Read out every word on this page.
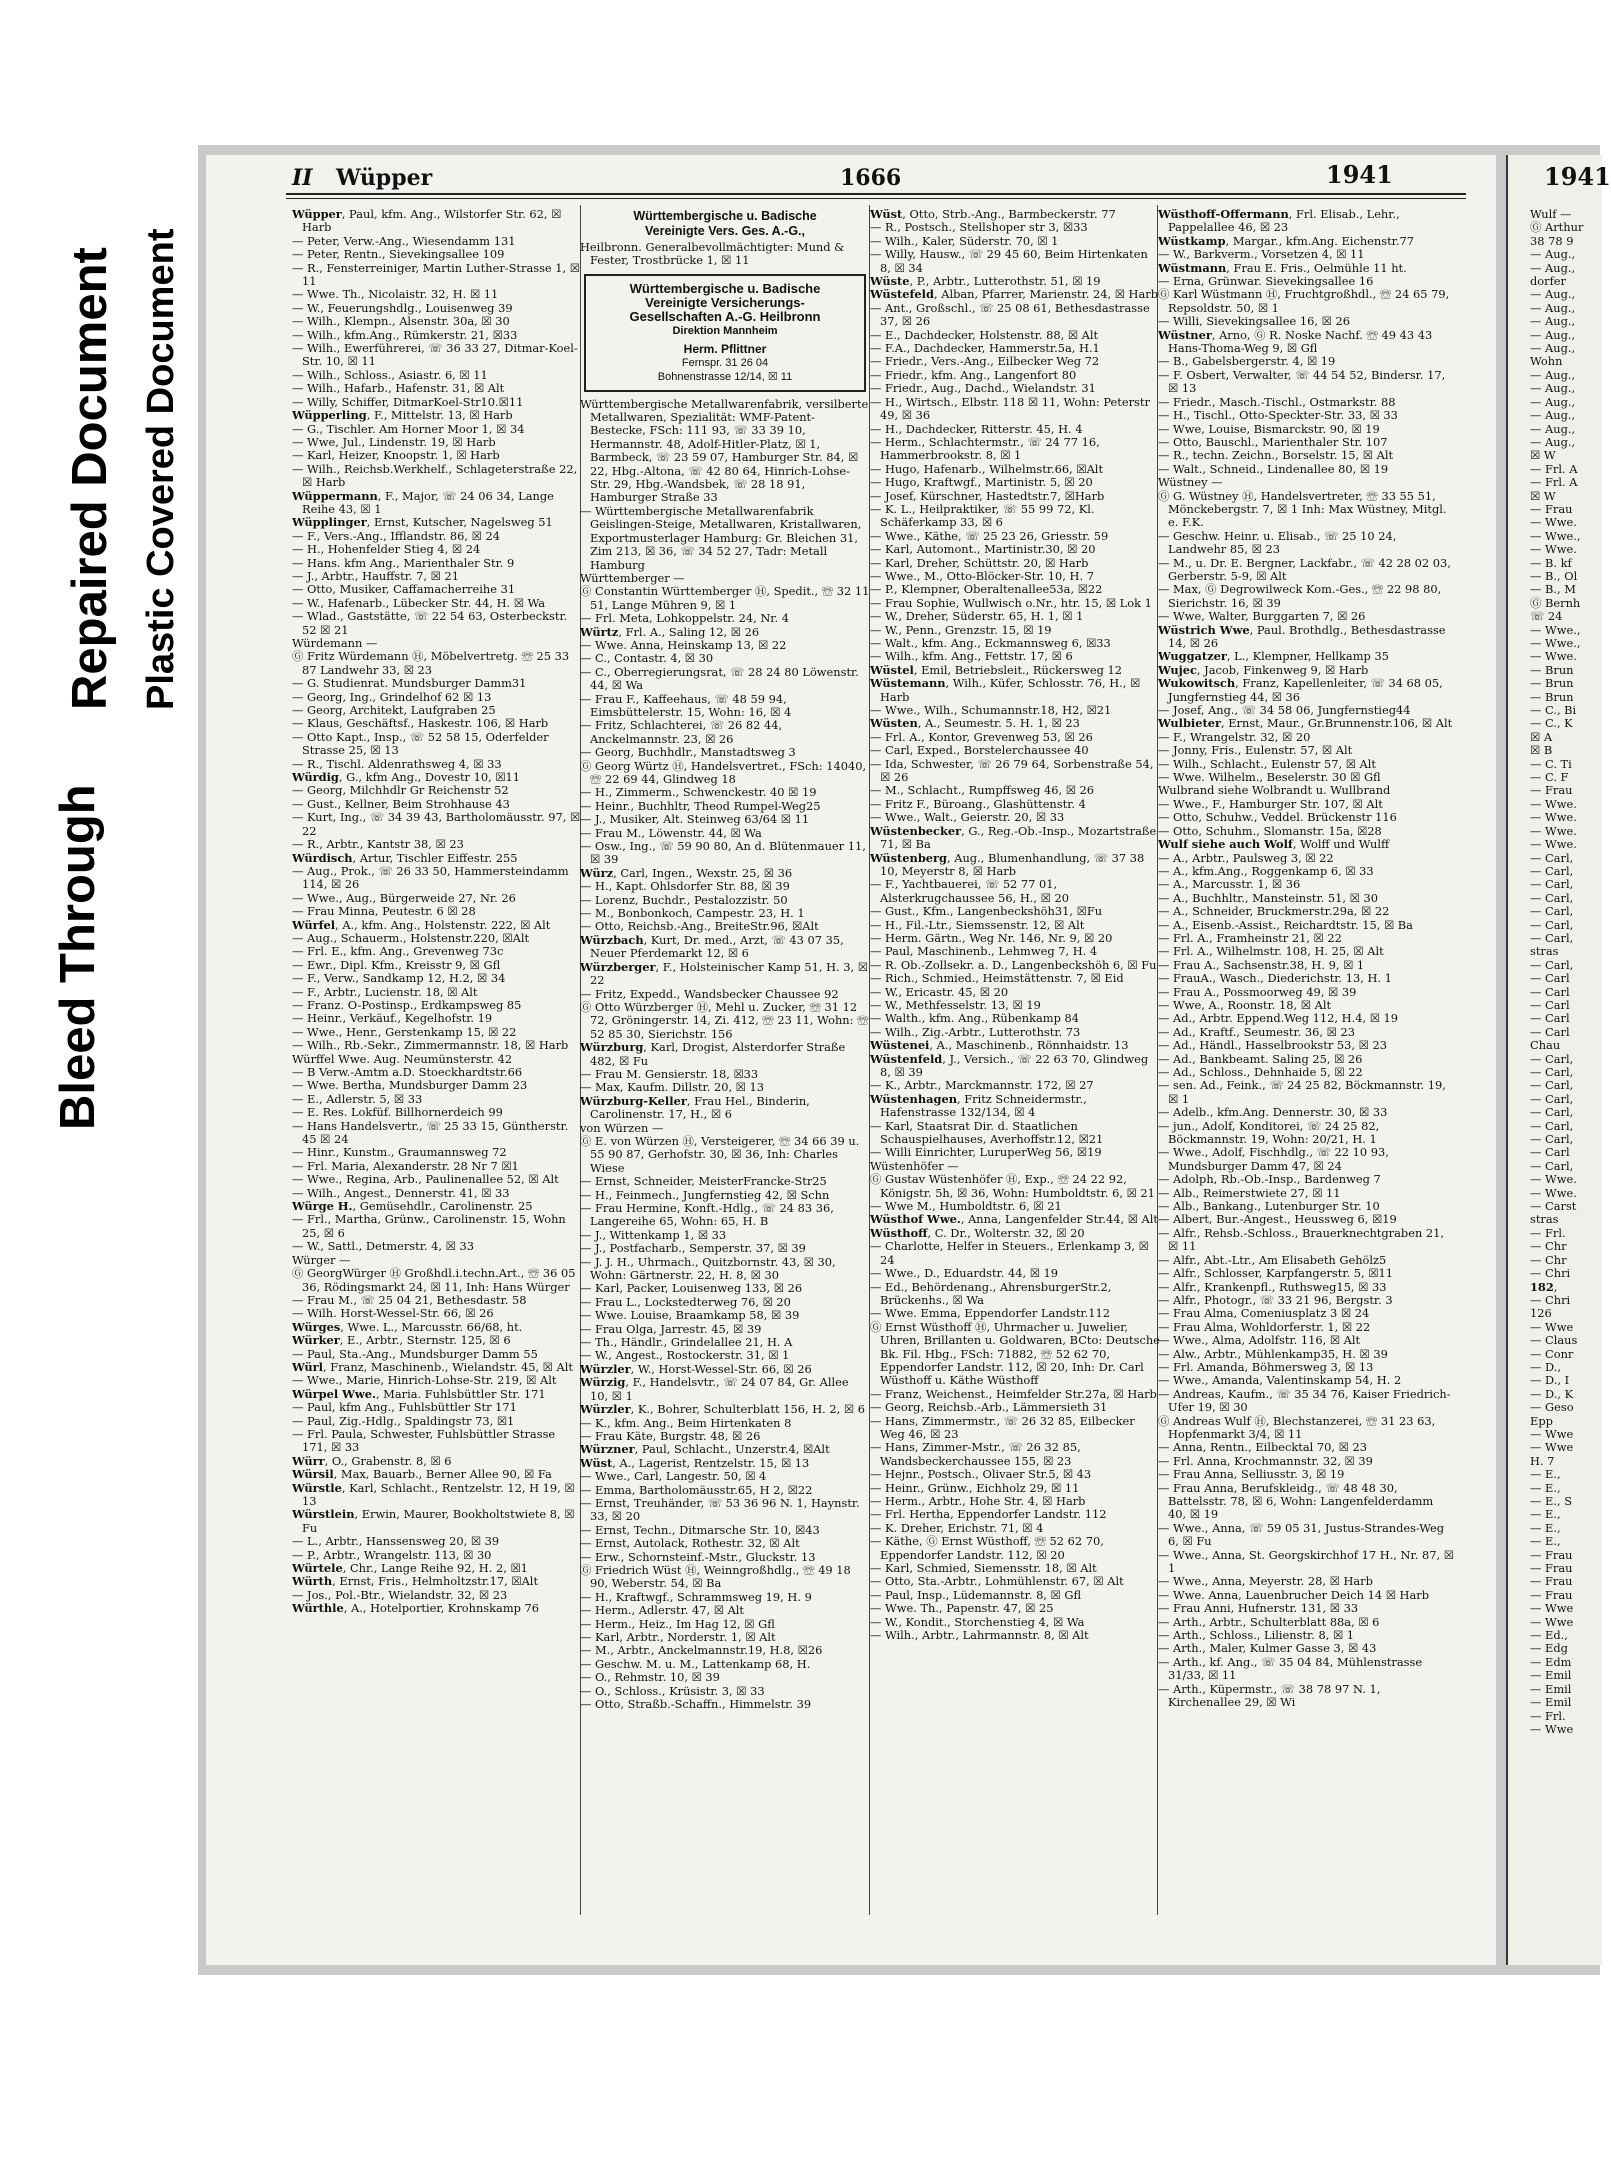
Bleed Through
Repaired Document Plastic Covered Document
II Wüpper	1666	1941	1941

Wüpper, Paul, kfm. Ang., Wilstorfer Str. 62, ☒ Harb

— Peter, Verw.-Ang., Wiesendamm 131

— Peter, Rentn., Sievekingsallee 109

— R., Fensterreiniger, Martin Luther-Strasse 1, ☒ 11

— Wwe. Th., Nicolaistr. 32, H. ☒ 11

— W., Feuerungshdlg., Louisenweg 39

— Wilh., Klempn., Alsenstr. 30a, ☒ 30

— Wilh., kfm.Ang., Rümkerstr. 21, ☒33

— Wilh., Ewerführerei, ☏ 36 33 27, Ditmar-Koel-Str. 10, ☒ 11

— Wilh., Schloss., Asiastr. 6, ☒ 11

— Wilh., Hafarb., Hafenstr. 31, ☒ Alt

— Willy, Schiffer, DitmarKoel-Str10.☒11

Wüpperling, F., Mittelstr. 13, ☒ Harb

— G., Tischler. Am Horner Moor 1, ☒ 34

— Wwe, Jul., Lindenstr. 19, ☒ Harb

— Karl, Heizer, Knoopstr. 1, ☒ Harb

— Wilh., Reichsb.Werkhelf., Schlageterstraße 22, ☒ Harb

Wüppermann, F., Major, ☏ 24 06 34, Lange Reihe 43, ☒ 1

Wüpplinger, Ernst, Kutscher, Nagelsweg 51

— F., Vers.-Ang., Ifflandstr. 86, ☒ 24

— H., Hohenfelder Stieg 4, ☒ 24

— Hans. kfm Ang., Marienthaler Str. 9

— J., Arbtr., Hauffstr. 7, ☒ 21

— Otto, Musiker, Caffamacherreihe 31

— W., Hafenarb., Lübecker Str. 44, H. ☒ Wa

— Wlad., Gaststätte, ☏ 22 54 63, Osterbeckstr. 52 ☒ 21

Würdemann —

Ⓖ Fritz Würdemann Ⓗ, Möbelvertretg. ☏ 25 33 87 Landwehr 33, ☒ 23

— G. Studienrat. Mundsburger Damm31

— Georg, Ing., Grindelhof 62 ☒ 13

— Georg, Architekt, Laufgraben 25

— Klaus, Geschäftsf., Haskestr. 106, ☒ Harb

— Otto Kapt., Insp., ☏ 52 58 15, Oderfelder Strasse 25, ☒ 13

— R., Tischl. Aldenrathsweg 4, ☒ 33

Würdig, G., kfm Ang., Dovestr 10, ☒11

— Georg, Milchhdlr Gr Reichenstr 52

— Gust., Kellner, Beim Strohhause 43

— Kurt, Ing., ☏ 34 39 43, Bartholomäusstr. 97, ☒ 22

— R., Arbtr., Kantstr 38, ☒ 23

Würdisch, Artur, Tischler Eiffestr. 255

— Aug., Prok., ☏ 26 33 50, Hammersteindamm 114, ☒ 26

— Wwe., Aug., Bürgerweide 27, Nr. 26

— Frau Minna, Peutestr. 6 ☒ 28

Würfel, A., kfm. Ang., Holstenstr. 222, ☒ Alt

— Aug., Schauerm., Holstenstr.220, ☒Alt

— Frl. E., kfm. Ang., Grevenweg 73c

— Ewr., Dipl. Kfm., Kreisstr 9, ☒ Gfl

— F., Verw., Sandkamp 12, H.2, ☒ 34

— F., Arbtr., Lucienstr. 18, ☒ Alt

— Franz. O-Postinsp., Erdkampsweg 85

— Heinr., Verkäuf., Kegelhofstr. 19

— Wwe., Henr., Gerstenkamp 15, ☒ 22

— Wilh., Rb.-Sekr., Zimmermannstr. 18, ☒ Harb

Würffel Wwe. Aug. Neumünsterstr. 42

— B Verw.-Amtm a.D. Stoeckhardtstr.66

— Wwe. Bertha, Mundsburger Damm 23

— E., Adlerstr. 5, ☒ 33

— E. Res. Lokfüf. Billhornerdeich 99

— Hans Handelsvertr., ☏ 25 33 15, Güntherstr. 45 ☒ 24

— Hinr., Kunstm., Graumannsweg 72

— Frl. Maria, Alexanderstr. 28 Nr 7 ☒1

— Wwe., Regina, Arb., Paulinenallee 52, ☒ Alt

— Wilh., Angest., Dennerstr. 41, ☒ 33

Würge H., Gemüsehdlr., Carolinenstr. 25

— Frl., Martha, Grünw., Carolinenstr. 15, Wohn 25, ☒ 6

— W., Sattl., Detmerstr. 4, ☒ 33

Würger —

Ⓖ GeorgWürger Ⓗ Großhdl.i.techn.Art., ☏ 36 05 36, Rödingsmarkt 24, ☒ 11, Inh: Hans Würger

— Frau M., ☏ 25 04 21, Bethesdastr. 58

— Wilh. Horst-Wessel-Str. 66, ☒ 26

Würges, Wwe. L., Marcusstr. 66/68, ht.

Würker, E., Arbtr., Sternstr. 125, ☒ 6

— Paul, Sta.-Ang., Mundsburger Damm 55

Würl, Franz, Maschinenb., Wielandstr. 45, ☒ Alt

— Wwe., Marie, Hinrich-Lohse-Str. 219, ☒ Alt

Würpel Wwe., Maria. Fuhlsbüttler Str. 171

— Paul, kfm Ang., Fuhlsbüttler Str 171

— Paul, Zig.-Hdlg., Spaldingstr 73, ☒1

— Frl. Paula, Schwester, Fuhlsbüttler Strasse 171, ☒ 33

Würr, O., Grabenstr. 8, ☒ 6

Würsil, Max, Bauarb., Berner Allee 90, ☒ Fa

Würstle, Karl, Schlacht., Rentzelstr. 12, H 19, ☒ 13

Würstlein, Erwin, Maurer, Bookholtstwiete 8, ☒ Fu

— L., Arbtr., Hanssensweg 20, ☒ 39

— P., Arbtr., Wrangelstr. 113, ☒ 30

Würtele, Chr., Lange Reihe 92, H. 2, ☒1

Würth, Ernst, Fris., Helmholtzstr.17, ☒Alt

— Jos., Pol.-Btr., Wielandstr. 32, ☒ 23

Würthle, A., Hotelportier, Krohnskamp 76

Württembergische u. Badische
Vereinigte Vers. Ges. A.-G.,

Heilbronn. Generalbevollmächtigter: Mund & Fester, Trostbrücke 1, ☒ 11

Württembergische u. Badische
Vereinigte Versicherungs-
Gesellschaften A.-G. Heilbronn
Direktion Mannheim
Herm. Pflittner
Fernspr. 31 26 04
Bohnenstrasse 12/14, ☒ 11

Württembergische Metallwarenfabrik, versilberte Metallwaren, Spezialität: WMF-Patent-Bestecke, FSch: 111 93, ☏ 33 39 10, Hermannstr. 48, Adolf-Hitler-Platz, ☒ 1, Barmbeck, ☏ 23 59 07, Hamburger Str. 84, ☒ 22, Hbg.-Altona, ☏ 42 80 64, Hinrich-Lohse-Str. 29, Hbg.-Wandsbek, ☏ 28 18 91, Hamburger Straße 33

— Württembergische Metallwarenfabrik Geislingen-Steige, Metallwaren, Kristallwaren, Exportmusterlager Hamburg: Gr. Bleichen 31, Zim 213, ☒ 36, ☏ 34 52 27, Tadr: Metall Hamburg

Württemberger —

Ⓖ Constantin Württemberger Ⓗ, Spedit., ☏ 32 11 51, Lange Mühren 9, ☒ 1

— Frl. Meta, Lohkoppelstr. 24, Nr. 4

Würtz, Frl. A., Saling 12, ☒ 26

— Wwe. Anna, Heinskamp 13, ☒ 22

— C., Contastr. 4, ☒ 30

— C., Oberregierungsrat, ☏ 28 24 80 Löwenstr. 44, ☒ Wa

— Frau F., Kaffeehaus, ☏ 48 59 94, Eimsbüttelerstr. 15, Wohn: 16, ☒ 4

— Fritz, Schlachterei, ☏ 26 82 44, Anckelmannstr. 23, ☒ 26

— Georg, Buchhdlr., Manstadtsweg 3

Ⓖ Georg Würtz Ⓗ, Handelsvertret., FSch: 14040, ☏ 22 69 44, Glindweg 18

— H., Zimmerm., Schwenckestr. 40 ☒ 19

— Heinr., Buchhltr, Theod Rumpel-Weg25

— J., Musiker, Alt. Steinweg 63/64 ☒ 11

— Frau M., Löwenstr. 44, ☒ Wa

— Osw., Ing., ☏ 59 90 80, An d. Blütenmauer 11, ☒ 39

Würz, Carl, Ingen., Wexstr. 25, ☒ 36

— H., Kapt. Ohlsdorfer Str. 88, ☒ 39

— Lorenz, Buchdr., Pestalozzistr. 50

— M., Bonbonkoch, Campestr. 23, H. 1

— Otto, Reichsb.-Ang., BreiteStr.96, ☒Alt

Würzbach, Kurt, Dr. med., Arzt, ☏ 43 07 35, Neuer Pferdemarkt 12, ☒ 6

Würzberger, F., Holsteinischer Kamp 51, H. 3, ☒ 22

— Fritz, Expedd., Wandsbecker Chaussee 92

Ⓖ Otto Würzberger Ⓗ, Mehl u. Zucker, ☏ 31 12 72, Gröningerstr. 14, Zi. 412, ☏ 23 11, Wohn: ☏ 52 85 30, Sierichstr. 156

Würzburg, Karl, Drogist, Alsterdorfer Straße 482, ☒ Fu

— Frau M. Gensierstr. 18, ☒33

— Max, Kaufm. Dillstr. 20, ☒ 13

Würzburg-Keller, Frau Hel., Binderin, Carolinenstr. 17, H., ☒ 6

von Würzen —

Ⓖ E. von Würzen Ⓗ, Versteigerer, ☏ 34 66 39 u. 55 90 87, Gerhofstr. 30, ☒ 36, Inh: Charles Wiese

— Ernst, Schneider, MeisterFrancke-Str25

— H., Feinmech., Jungfernstieg 42, ☒ Schn

— Frau Hermine, Konft.-Hdlg., ☏ 24 83 36, Langereihe 65, Wohn: 65, H. B

— J., Wittenkamp 1, ☒ 33

— J., Postfacharb., Semperstr. 37, ☒ 39

— J. J. H., Uhrmach., Quitzbornstr. 43, ☒ 30, Wohn: Gärtnerstr. 22, H. 8, ☒ 30

— Karl, Packer, Louisenweg 133, ☒ 26

— Frau L., Lockstedterweg 76, ☒ 20

— Wwe. Louise, Braamkamp 58, ☒ 39

— Frau Olga, Jarrestr. 45, ☒ 39

— Th., Händlr., Grindelallee 21, H. A

— W., Angest., Rostockerstr. 31, ☒ 1

Würzler, W., Horst-Wessel-Str. 66, ☒ 26

Würzig, F., Handelsvtr., ☏ 24 07 84, Gr. Allee 10, ☒ 1

Würzler, K., Bohrer, Schulterblatt 156, H. 2, ☒ 6

— K., kfm. Ang., Beim Hirtenkaten 8

— Frau Käte, Burgstr. 48, ☒ 26

Würzner, Paul, Schlacht., Unzerstr.4, ☒Alt

Wüst, A., Lagerist, Rentzelstr. 15, ☒ 13

— Wwe., Carl, Langestr. 50, ☒ 4

— Emma, Bartholomäusstr.65, H 2, ☒22

— Ernst, Treuhänder, ☏ 53 36 96 N. 1, Haynstr. 33, ☒ 20

— Ernst, Techn., Ditmarsche Str. 10, ☒43

— Ernst, Autolack, Rothestr. 32, ☒ Alt

— Erw., Schornsteinf.-Mstr., Gluckstr. 13

Ⓖ Friedrich Wüst Ⓗ, Weinngroßhdlg., ☏ 49 18 90, Weberstr. 54, ☒ Ba

— H., Kraftwgf., Schrammsweg 19, H. 9

— Herm., Adlerstr. 47, ☒ Alt

— Herm., Heiz., Im Hag 12, ☒ Gfl

— Karl, Arbtr., Norderstr. 1, ☒ Alt

— M., Arbtr., Anckelmannstr.19, H.8, ☒26

— Geschw. M. u. M., Lattenkamp 68, H.

— O., Rehmstr. 10, ☒ 39

— O., Schloss., Krüsistr. 3, ☒ 33

— Otto, Straßb.-Schaffn., Himmelstr. 39

Wüst, Otto, Strb.-Ang., Barmbeckerstr. 77

— R., Postsch., Stellshoper str 3, ☒33

— Wilh., Kaler, Süderstr. 70, ☒ 1

— Willy, Hausw., ☏ 29 45 60, Beim Hirtenkaten 8, ☒ 34

Wüste, P., Arbtr., Lutterothstr. 51, ☒ 19

Wüstefeld, Alban, Pfarrer, Marienstr. 24, ☒ Harb

— Ant., Großschl., ☏ 25 08 61, Bethesdastrasse 37, ☒ 26

— E., Dachdecker, Holstenstr. 88, ☒ Alt

— F.A., Dachdecker, Hammerstr.5a, H.1

— Friedr., Vers.-Ang., Eilbecker Weg 72

— Friedr., kfm. Ang., Langenfort 80

— Friedr., Aug., Dachd., Wielandstr. 31

— H., Wirtsch., Elbstr. 118 ☒ 11, Wohn: Peterstr 49, ☒ 36

— H., Dachdecker, Ritterstr. 45, H. 4

— Herm., Schlachtermstr., ☏ 24 77 16, Hammerbrookstr. 8, ☒ 1

— Hugo, Hafenarb., Wilhelmstr.66, ☒Alt

— Hugo, Kraftwgf., Martinistr. 5, ☒ 20

— Josef, Kürschner, Hastedtstr.7, ☒Harb

— K. L., Heilpraktiker, ☏ 55 99 72, Kl. Schäferkamp 33, ☒ 6

— Wwe., Käthe, ☏ 25 23 26, Griesstr. 59

— Karl, Automont., Martinistr.30, ☒ 20

— Karl, Dreher, Schüttstr. 20, ☒ Harb

— Wwe., M., Otto-Blöcker-Str. 10, H. 7

— P., Klempner, Oberaltenallee53a, ☒22

— Frau Sophie, Wullwisch o.Nr., htr. 15, ☒ Lok 1

— W., Dreher, Süderstr. 65, H. 1, ☒ 1

— W., Penn., Grenzstr. 15, ☒ 19

— Walt., kfm. Ang., Eckmannsweg 6, ☒33

— Wilh., kfm. Ang., Fettstr. 17, ☒ 6

Wüstel, Emil, Betriebsleit., Rückersweg 12

Wüstemann, Wilh., Küfer, Schlosstr. 76, H., ☒ Harb

— Wwe., Wilh., Schumannstr.18, H2, ☒21

Wüsten, A., Seumestr. 5. H. 1, ☒ 23

— Frl. A., Kontor, Grevenweg 53, ☒ 26

— Carl, Exped., Borstelerchaussee 40

— Ida, Schwester, ☏ 26 79 64, Sorbenstraße 54, ☒ 26

— M., Schlacht., Rumpffsweg 46, ☒ 26

— Fritz F., Büroang., Glashüttenstr. 4

— Wwe., Walt., Geierstr. 20, ☒ 33

Wüstenbecker, G., Reg.-Ob.-Insp., Mozartstraße 71, ☒ Ba

Wüstenberg, Aug., Blumenhandlung, ☏ 37 38 10, Meyerstr 8, ☒ Harb

— F., Yachtbauerei, ☏ 52 77 01, Alsterkrugchaussee 56, H., ☒ 20

— Gust., Kfm., Langenbeckshöh31, ☒Fu

— H., Fil.-Ltr., Siemssenstr. 12, ☒ Alt

— Herm. Gärtn., Weg Nr. 146, Nr. 9, ☒ 20

— Paul, Maschinenb., Lehmweg 7, H. 4

— R. Ob.-Zollsekr. a. D., Langenbeckshöh 6, ☒ Fu

— Rich., Schmied., Heimstättenstr. 7, ☒ Eid

— W., Ericastr. 45, ☒ 20

— W., Methfesselstr. 13, ☒ 19

— Walth., kfm. Ang., Rübenkamp 84

— Wilh., Zig.-Arbtr., Lutterothstr. 73

Wüstenei, A., Maschinenb., Rönnhaidstr. 13

Wüstenfeld, J., Versich., ☏ 22 63 70, Glindweg 8, ☒ 39

— K., Arbtr., Marckmannstr. 172, ☒ 27

Wüstenhagen, Fritz Schneidermstr., Hafenstrasse 132/134, ☒ 4

— Karl, Staatsrat Dir. d. Staatlichen Schauspielhauses, Averhoffstr.12, ☒21

— Willi Einrichter, LuruperWeg 56, ☒19

Wüstenhöfer —

Ⓖ Gustav Wüstenhöfer Ⓗ, Exp., ☏ 24 22 92, Königstr. 5h, ☒ 36, Wohn: Humboldtstr. 6, ☒ 21

— Wwe M., Humboldtstr. 6, ☒ 21

Wüsthof Wwe., Anna, Langenfelder Str.44, ☒ Alt

Wüsthoff, C. Dr., Wolterstr. 32, ☒ 20

— Charlotte, Helfer in Steuers., Erlenkamp 3, ☒ 24

— Wwe., D., Eduardstr. 44, ☒ 19

— Ed., Behördenang., AhrensburgerStr.2, Brückenhs., ☒ Wa

— Wwe. Emma, Eppendorfer Landstr.112

Ⓖ Ernst Wüsthoff Ⓗ, Uhrmacher u. Juwelier, Uhren, Brillanten u. Goldwaren, BCto: Deutsche Bk. Fil. Hbg., FSch: 71882, ☏ 52 62 70, Eppendorfer Landstr. 112, ☒ 20, Inh: Dr. Carl Wüsthoff u. Käthe Wüsthoff

— Franz, Weichenst., Heimfelder Str.27a, ☒ Harb

— Georg, Reichsb.-Arb., Lämmersieth 31

— Hans, Zimmermstr., ☏ 26 32 85, Eilbecker Weg 46, ☒ 23

— Hans, Zimmer-Mstr., ☏ 26 32 85, Wandsbeckerchaussee 155, ☒ 23

— Hejnr., Postsch., Olivaer Str.5, ☒ 43

— Heinr., Grünw., Eichholz 29, ☒ 11

— Herm., Arbtr., Hohe Str. 4, ☒ Harb

— Frl. Hertha, Eppendorfer Landstr. 112

— K. Dreher, Erichstr. 71, ☒ 4

— Käthe, Ⓖ Ernst Wüsthoff, ☏ 52 62 70, Eppendorfer Landstr. 112, ☒ 20

— Karl, Schmied, Siemensstr. 18, ☒ Alt

— Otto, Sta.-Arbtr., Lohmühlenstr. 67, ☒ Alt

— Paul, Insp., Lüdemannstr. 8, ☒ Gfl

— Wwe. Th., Papenstr. 47, ☒ 25

— W., Kondit., Storchenstieg 4, ☒ Wa

— Wilh., Arbtr., Lahrmannstr. 8, ☒ Alt

Wüsthoff-Offermann, Frl. Elisab., Lehr., Pappelallee 46, ☒ 23

Wüstkamp, Margar., kfm.Ang. Eichenstr.77

— W., Barkverm., Vorsetzen 4, ☒ 11

Wüstmann, Frau E. Fris., Oelmühle 11 ht.

— Erna, Grünwar. Sievekingsallee 16

Ⓖ Karl Wüstmann Ⓗ, Fruchtgroßhdl., ☏ 24 65 79, Repsoldstr. 50, ☒ 1

— Willi, Sievekingsallee 16, ☒ 26

Wüstner, Arno, Ⓖ R. Noske Nachf. ☏ 49 43 43 Hans-Thoma-Weg 9, ☒ Gfl

— B., Gabelsbergerstr. 4, ☒ 19

— F. Osbert, Verwalter, ☏ 44 54 52, Bindersr. 17, ☒ 13

— Friedr., Masch.-Tischl., Ostmarkstr. 88

— H., Tischl., Otto-Speckter-Str. 33, ☒ 33

— Wwe, Louise, Bismarckstr. 90, ☒ 19

— Otto, Bauschl., Marienthaler Str. 107

— R., techn. Zeichn., Borselstr. 15, ☒ Alt

— Walt., Schneid., Lindenallee 80, ☒ 19

Wüstney —

Ⓖ G. Wüstney Ⓗ, Handelsvertreter, ☏ 33 55 51, Mönckebergstr. 7, ☒ 1 Inh: Max Wüstney, Mitgl. e. F.K.

— Geschw. Heinr. u. Elisab., ☏ 25 10 24, Landwehr 85, ☒ 23

— M., u. Dr. E. Bergner, Lackfabr., ☏ 42 28 02 03, Gerberstr. 5-9, ☒ Alt

— Max, Ⓖ Degrowilweck Kom.-Ges., ☏ 22 98 80, Sierichstr. 16, ☒ 39

— Wwe, Walter, Burggarten 7, ☒ 26

Wüstrich Wwe, Paul. Brothdlg., Bethesdastrasse 14, ☒ 26

Wuggatzer, L., Klempner, Hellkamp 35

Wujec, Jacob, Finkenweg 9, ☒ Harb

Wukowitsch, Franz, Kapellenleiter, ☏ 34 68 05, Jungfernstieg 44, ☒ 36

— Josef, Ang., ☏ 34 58 06, Jungfernstieg44

Wulbieter, Ernst, Maur., Gr.Brunnenstr.106, ☒ Alt

— F., Wrangelstr. 32, ☒ 20

— Jonny, Fris., Eulenstr. 57, ☒ Alt

— Wilh., Schlacht., Eulenstr 57, ☒ Alt

— Wwe. Wilhelm., Beselerstr. 30 ☒ Gfl

Wulbrand siehe Wolbrandt u. Wullbrand

— Wwe., F., Hamburger Str. 107, ☒ Alt

— Otto, Schuhw., Veddel. Brückenstr 116

— Otto, Schuhm., Slomanstr. 15a, ☒28

Wulf siehe auch Wolf, Wolff und Wulff

— A., Arbtr., Paulsweg 3, ☒ 22

— A., kfm.Ang., Roggenkamp 6, ☒ 33

— A., Marcusstr. 1, ☒ 36

— A., Buchhltr., Mansteinstr. 51, ☒ 30

— A., Schneider, Bruckmerstr.29a, ☒ 22

— A., Eisenb.-Assist., Reichardtstr. 15, ☒ Ba

— Frl. A., Framheinstr 21, ☒ 22

— Frl. A., Wilhelmstr. 108, H. 25, ☒ Alt

— Frau A., Sachsenstr.38, H. 9, ☒ 1

— FrauA., Wasch., Diederichstr. 13, H. 1

— Frau A., Possmoorweg 49, ☒ 39

— Wwe, A., Roonstr. 18, ☒ Alt

— Ad., Arbtr. Eppend.Weg 112, H.4, ☒ 19

— Ad., Kraftf., Seumestr. 36, ☒ 23

— Ad., Händl., Hasselbrookstr 53, ☒ 23

— Ad., Bankbeamt. Saling 25, ☒ 26

— Ad., Schloss., Dehnhaide 5, ☒ 22

— sen. Ad., Feink., ☏ 24 25 82, Böckmannstr. 19, ☒ 1

— Adelb., kfm.Ang. Dennerstr. 30, ☒ 33

— jun., Adolf, Konditorei, ☏ 24 25 82, Böckmannstr. 19, Wohn: 20/21, H. 1

— Wwe., Adolf, Fischhdlg., ☏ 22 10 93, Mundsburger Damm 47, ☒ 24

— Adolph, Rb.-Ob.-Insp., Bardenweg 7

— Alb., Reimerstwiete 27, ☒ 11

— Alb., Bankang., Lutenburger Str. 10

— Albert, Bur.-Angest., Heussweg 6, ☒19

— Alfr., Rehsb.-Schloss., Brauerknechtgraben 21, ☒ 11

— Alfr., Abt.-Ltr., Am Elisabeth Gehölz5

— Alfr., Schlosser, Karpfangerstr. 5, ☒11

— Alfr., Krankenpfl., Ruthsweg15, ☒ 33

— Alfr., Photogr., ☏ 33 21 96, Bergstr. 3

— Frau Alma, Comeniusplatz 3 ☒ 24

— Frau Alma, Wohldorferstr. 1, ☒ 22

— Wwe., Alma, Adolfstr. 116, ☒ Alt

— Alw., Arbtr., Mühlenkamp35, H. ☒ 39

— Frl. Amanda, Böhmersweg 3, ☒ 13

— Wwe., Amanda, Valentinskamp 54, H. 2

— Andreas, Kaufm., ☏ 35 34 76, Kaiser Friedrich-Ufer 19, ☒ 30

Ⓖ Andreas Wulf Ⓗ, Blechstanzerei, ☏ 31 23 63, Hopfenmarkt 3/4, ☒ 11

— Anna, Rentn., Eilbecktal 70, ☒ 23

— Frl. Anna, Krochmannstr. 32, ☒ 39

— Frau Anna, Selliusstr. 3, ☒ 19

— Frau Anna, Berufskleidg., ☏ 48 48 30, Battelsstr. 78, ☒ 6, Wohn: Langenfelderdamm 40, ☒ 19

— Wwe., Anna, ☏ 59 05 31, Justus-Strandes-Weg 6, ☒ Fu

— Wwe., Anna, St. Georgskirchhof 17 H., Nr. 87, ☒ 1

— Wwe., Anna, Meyerstr. 28, ☒ Harb

— Wwe. Anna, Lauenbrucher Deich 14 ☒ Harb

— Frau Anni, Hufnerstr. 131, ☒ 33

— Arth., Arbtr., Schulterblatt 88a, ☒ 6

— Arth., Schloss., Lilienstr. 8, ☒ 1

— Arth., Maler, Kulmer Gasse 3, ☒ 43

— Arth., kf. Ang., ☏ 35 04 84, Mühlenstrasse 31/33, ☒ 11

— Arth., Küpermstr., ☏ 38 78 97 N. 1, Kirchenallee 29, ☒ Wi

Wulf —

Ⓖ Arthur

38 78 9

— Aug.,

— Aug.,

dorfer

— Aug.,

— Aug.,

— Aug.,

— Aug.,

— Aug.,

Wohn

— Aug.,

— Aug.,

— Aug.,

— Aug.,

— Aug.,

— Aug.,

☒ W

— Frl. A

— Frl. A

☒ W

— Frau

— Wwe.

— Wwe.,

— Wwe.

— B. kf

— B., Ol

— B., M

Ⓖ Bernh

☏ 24

— Wwe.,

— Wwe.,

— Wwe.

— Brun

— Brun

— Brun

— C., Bi

— C., K

☒ A

☒ B

— C. Ti

— C. F

— Frau

— Wwe.

— Wwe.

— Wwe.

— Wwe.

— Carl,

— Carl,

— Carl,

— Carl,

— Carl,

— Carl,

— Carl,

stras

— Carl,

— Carl

— Carl

— Carl

— Carl

— Carl

Chau

— Carl,

— Carl,

— Carl,

— Carl,

— Carl,

— Carl,

— Carl,

— Carl

— Carl,

— Wwe.

— Wwe.

— Carst

stras

— Frl.

— Chr

— Chr

— Chri

182,

— Chri

126

— Wwe

— Claus

— Conr

— D.,

— D., I

— D., K

— Geso

Epp

— Wwe

— Wwe

H. 7

— E.,

— E.,

— E., S

— E.,

— E.,

— E.,

— Frau

— Frau

— Frau

— Frau

— Wwe

— Wwe

— Ed.,

— Edg

— Edm

— Emil

— Emil

— Emil

— Frl.

— Wwe
